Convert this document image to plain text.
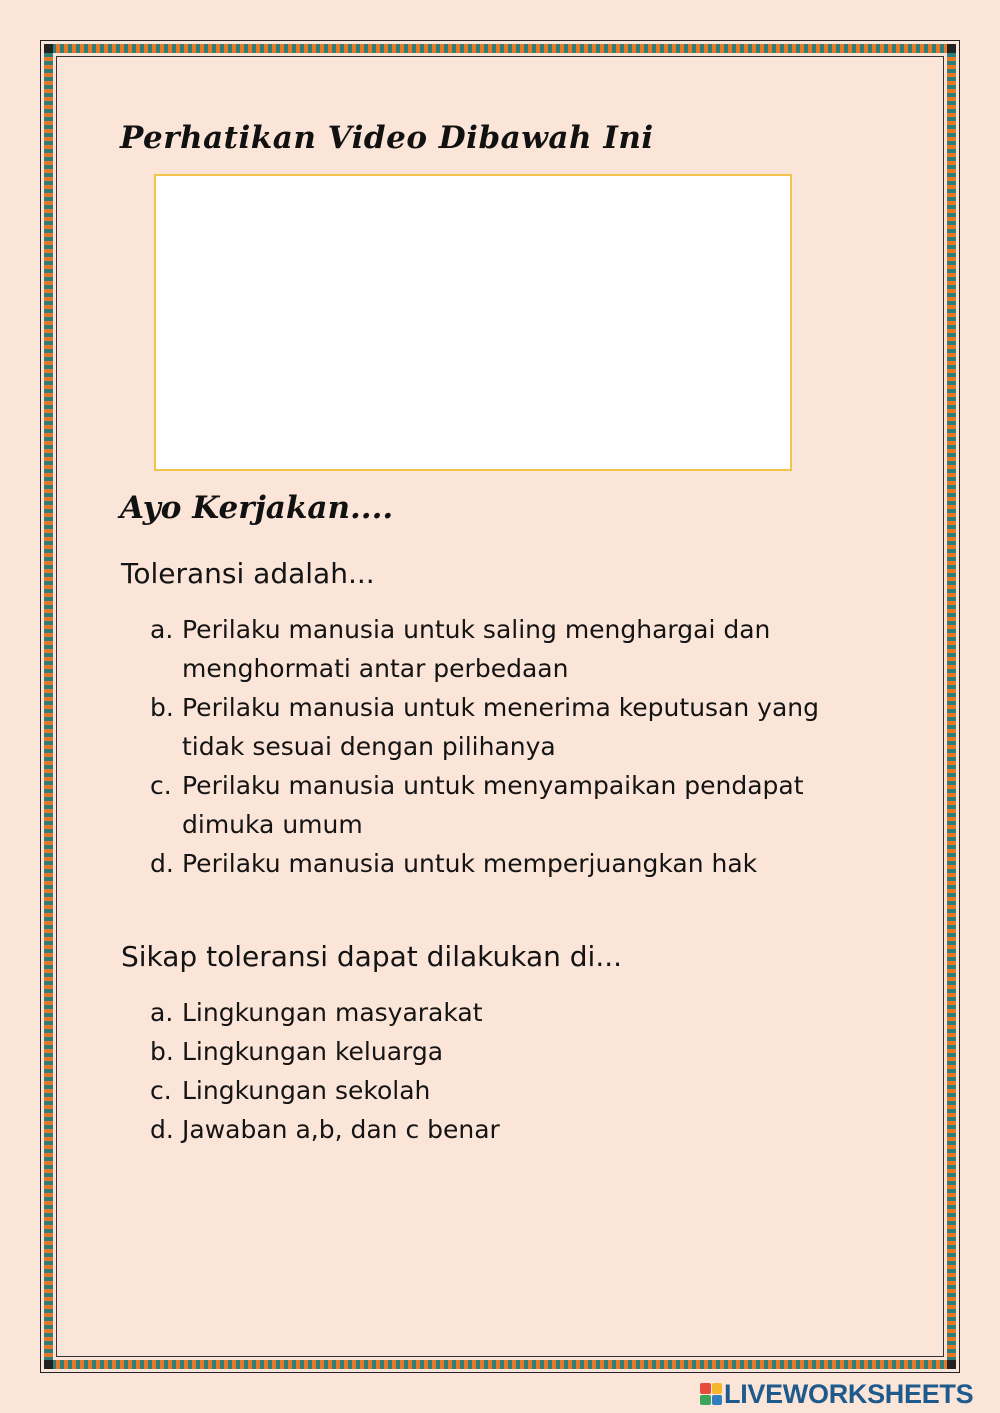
Perhatikan Video Dibawah Ini
Ayo Kerjakan....
Toleransi adalah...
a. Perilaku manusia untuk saling menghargai dan menghormati antar perbedaan
b. Perilaku manusia untuk menerima keputusan yang tidak sesuai dengan pilihanya
c. Perilaku manusia untuk menyampaikan pendapat dimuka umum
d. Perilaku manusia untuk memperjuangkan hak
Sikap toleransi dapat dilakukan di...
a. Lingkungan masyarakat
b. Lingkungan keluarga
c. Lingkungan sekolah
d. Jawaban a,b, dan c benar
LIVEWORKSHEETS
